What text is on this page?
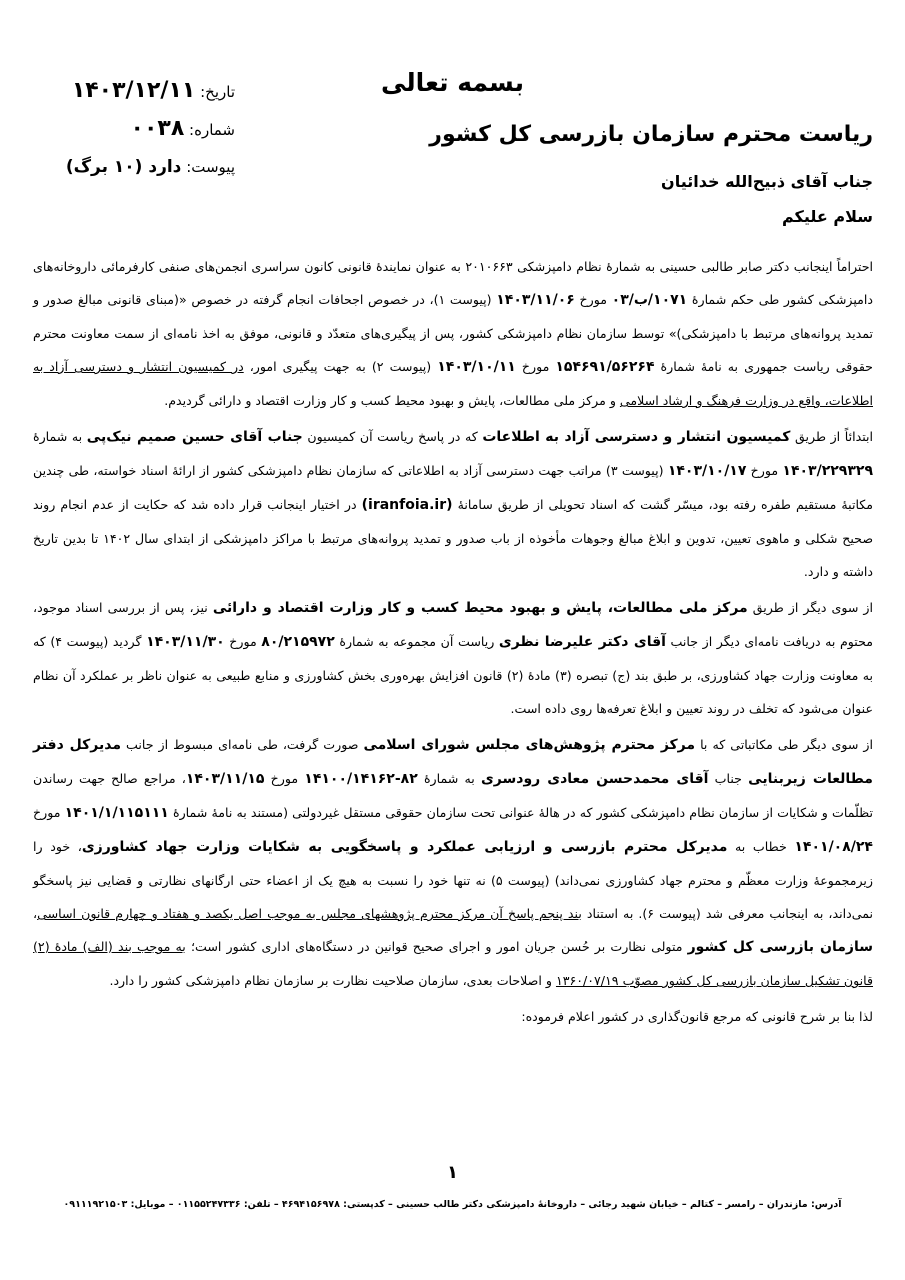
بسمه تعالی
تاریخ: ۱۴۰۳/۱۲/۱۱
شماره: ۰۰۳۸
پیوست: دارد (۱۰ برگ)
ریاست محترم سازمان بازرسی کل کشور
جناب آقای ذبیح‌الله خدائیان
سلام علیکم

احتراماً اینجانب دکتر صابر طالبی حسینی به شمارهٔ نظام دامپزشکی ۲۰۱۰۶۶۳ به عنوان نمایندهٔ قانونی کانون سراسری انجمن‌های صنفی کارفرمائی داروخانه‌های دامپزشکی کشور طی حکم شمارهٔ ۱۰۷۱/ب/۰۳ مورخ ۱۴۰۳/۱۱/۰۶ (پیوست ۱)، در خصوص اجحافات انجام گرفته در خصوص «(مبنای قانونی مبالغ صدور و تمدید پروانه‌های مرتبط با دامپزشکی)» توسط سازمان نظام دامپزشکی کشور، پس از پیگیری‌های متعدّد و قانونی، موفق به اخذ نامه‌ای از سمت معاونت محترم حقوقی ریاست جمهوری به نامهٔ شمارهٔ ۱۵۴۶۹۱/۵۶۲۶۴ مورخ ۱۴۰۳/۱۰/۱۱ (پیوست ۲) به جهت پیگیری امور، در کمیسیون انتشار و دسترسی آزاد به اطلاعات، واقع در وزارت فرهنگ و ارشاد اسلامی و مرکز ملی مطالعات، پایش و بهبود محیط کسب و کار وزارت اقتصاد و دارائی گردیدم.

ابتدائاً از طریق کمیسیون انتشار و دسترسی آزاد به اطلاعات که در پاسخ ریاست آن کمیسیون جناب آقای حسین صمیم نیک‌پی به شمارهٔ ۱۴۰۳/۲۲۹۳۲۹ مورخ ۱۴۰۳/۱۰/۱۷ (پیوست ۳) مراتب جهت دسترسی آزاد به اطلاعاتی که سازمان نظام دامپزشکی کشور از ارائهٔ اسناد خواسته، طی چندین مکاتبهٔ مستقیم طفره رفته بود، میسّر گشت که اسناد تحویلی از طریق سامانهٔ (iranfoia.ir) در اختیار اینجانب قرار داده شد که حکایت از عدم انجام روند صحیح شکلی و ماهوی تعیین، تدوین و ابلاغ مبالغ وجوهات مأخوذه از باب صدور و تمدید پروانه‌های مرتبط با مراکز دامپزشکی از ابتدای سال ۱۴۰۲ تا بدین تاریخ داشته و دارد.

از سوی دیگر از طریق مرکز ملی مطالعات، پایش و بهبود محیط کسب و کار وزارت اقتصاد و دارائی نیز، پس از بررسی اسناد موجود، محتوم به دریافت نامه‌ای دیگر از جانب آقای دکتر علیرضا نظری ریاست آن مجموعه به شمارهٔ ۸۰/۲۱۵۹۷۲ مورخ ۱۴۰۳/۱۱/۳۰ گردید (پیوست ۴) که به معاونت وزارت جهاد کشاورزی، بر طبق بند (ج) تبصره (۳) مادهٔ (۲) قانون افزایش بهره‌وری بخش کشاورزی و منابع طبیعی به عنوان ناظر بر عملکرد آن نظام عنوان می‌شود که تخلف در روند تعیین و ابلاغ تعرفه‌ها روی داده است.

از سوی دیگر طی مکاتباتی که با مرکز محترم پژوهش‌های مجلس شورای اسلامی صورت گرفت، طی نامه‌ای مبسوط از جانب مدیرکل دفتر مطالعات زیربنایی جناب آقای محمدحسن معادی رودسری به شمارهٔ ۸۲-۱۴۱۰۰/۱۴۱۶۲ مورخ ۱۴۰۳/۱۱/۱۵، مراجع صالح جهت رساندن تظلّمات و شکایات از سازمان نظام دامپزشکی کشور که در هالهٔ عنوانی تحت سازمان حقوقی مستقل غیردولتی (مستند به نامهٔ شمارهٔ ۱۴۰۱/۱/۱۱۵۱۱۱ مورخ ۱۴۰۱/۰۸/۲۴ خطاب به مدیرکل محترم بازرسی و ارزیابی عملکرد و پاسخگویی به شکایات وزارت جهاد کشاورزی، خود را زیرمجموعهٔ وزارت معظّم و محترم جهاد کشاورزی نمی‌داند) (پیوست ۵) نه تنها خود را نسبت به هیچ یک از اعضاء حتی ارگانهای نظارتی و قضایی نیز پاسخگو نمی‌داند، به اینجانب معرفی شد (پیوست ۶). به استناد بند پنجم پاسخ آن مرکز محترم پژوهشهای مجلس به موجب اصل یکصد و هفتاد و چهارم قانون اساسی، سازمان بازرسی کل کشور متولی نظارت بر حُسن جریان امور و اجرای صحیح قوانین در دستگاه‌های اداری کشور است؛ به موجب بند (الف) مادهٔ (۲) قانون تشکیل سازمان بازرسی کل کشور مصوّب ۱۳۶۰/۰۷/۱۹ و اصلاحات بعدی، سازمان صلاحیت نظارت بر سازمان نظام دامپزشکی کشور را دارد.

لذا بنا بر شرح قانونی که مرجع قانون‌گذاری در کشور اعلام فرموده:

۱
آدرس: مازندران – رامسر – کتالم – خیابان شهید رجائی – داروخانهٔ دامپزشکی دکتر طالب حسینی – کدپستی: ۴۶۹۴۱۵۶۹۷۸ – تلفن: ۰۱۱۵۵۲۴۷۳۳۶ – موبایل: ۰۹۱۱۱۹۲۱۵۰۳
